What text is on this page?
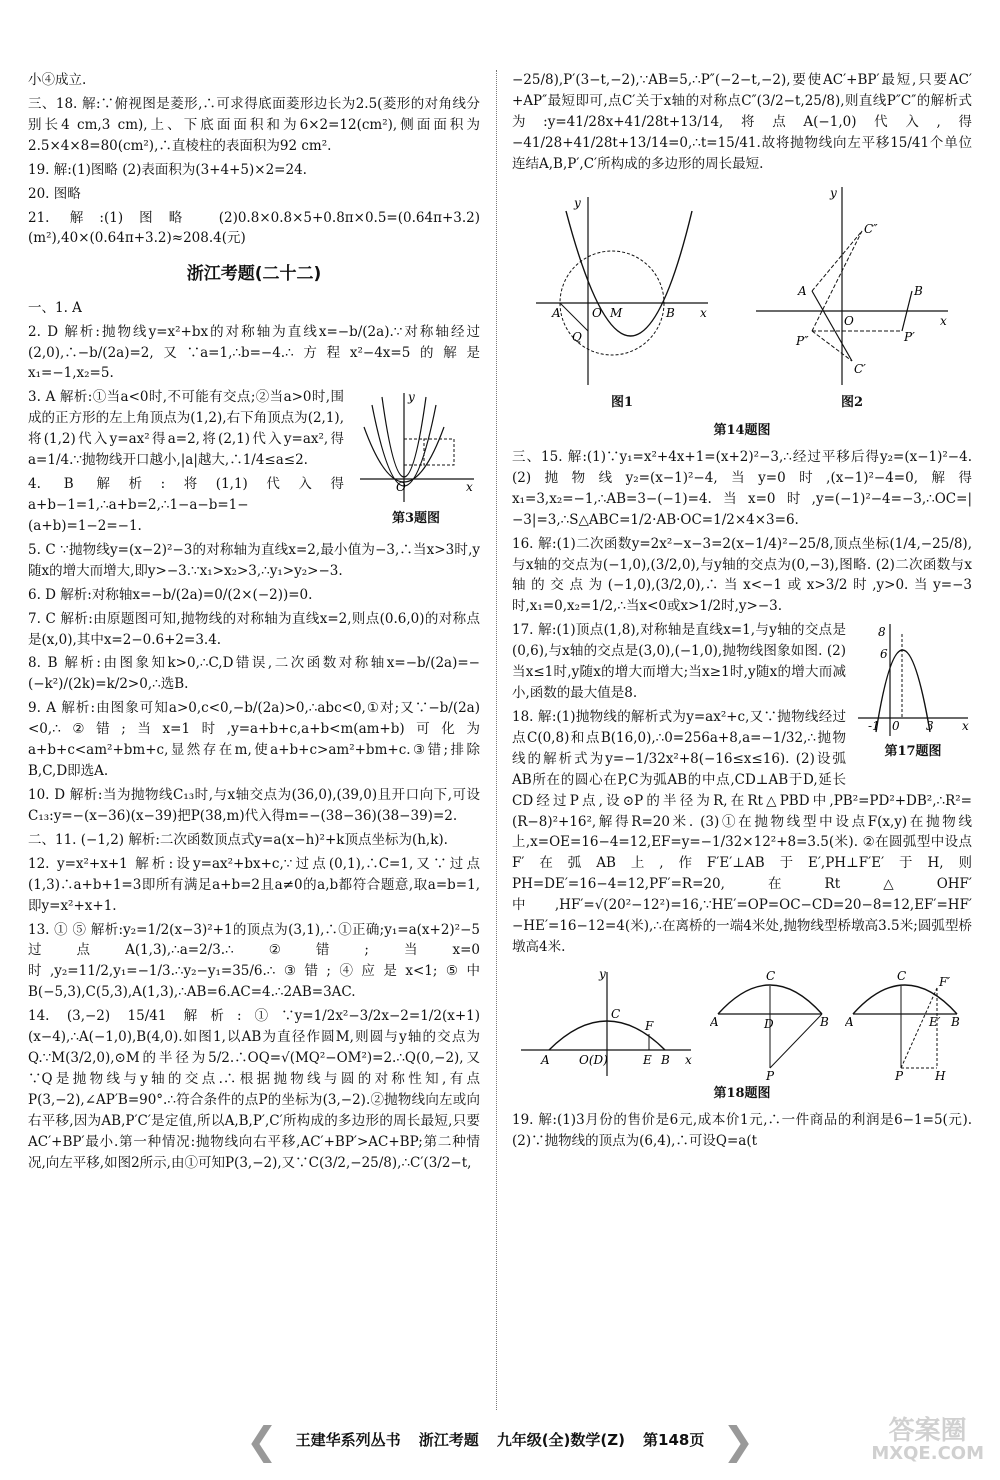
小④成立.

三、18. 解:∵俯视图是菱形,∴可求得底面菱形边长为2.5(菱形的对角线分别长4 cm,3 cm),上、下底面面积和为6×2=12(cm²),侧面面积为2.5×4×8=80(cm²),∴直棱柱的表面积为92 cm².

19. 解:(1)图略 (2)表面积为(3+4+5)×2=24.

20. 图略

21. 解:(1)图略 (2)0.8×0.8×5+0.8π×0.5=(0.64π+3.2)(m²),40×(0.64π+3.2)≈208.4(元)

浙江考题(二十二)

一、1. A

2. D 解析:抛物线y=x²+bx的对称轴为直线x=−b/(2a).∵对称轴经过(2,0),∴−b/(2a)=2,又∵a=1,∴b=−4.∴方程x²−4x=5的解是x₁=−1,x₂=5.

O	x
y
第3题图

3. A 解析:①当a<0时,不可能有交点;②当a>0时,围成的正方形的左上角顶点为(1,2),右下角顶点为(2,1),将(1,2)代入y=ax²得a=2,将(2,1)代入y=ax²,得a=1/4.∵抛物线开口越小,|a|越大,∴1/4≤a≤2.

4. B 解析:将(1,1)代入得a+b−1=1,∴a+b=2,∴1−a−b=1−(a+b)=1−2=−1.

5. C ∵抛物线y=(x−2)²−3的对称轴为直线x=2,最小值为−3,∴当x>3时,y随x的增大而增大,即y>−3.∵x₁>x₂>3,∴y₁>y₂>−3.

6. D 解析:对称轴x=−b/(2a)=0/(2×(−2))=0.

7. C 解析:由原题图可知,抛物线的对称轴为直线x=2,则点(0.6,0)的对称点是(x,0),其中x=2−0.6+2=3.4.

8. B 解析:由图象知k>0,∴C,D错误,二次函数对称轴x=−b/(2a)=−(−k²)/(2k)=k/2>0,∴选B.

9. A 解析:由图象可知a>0,c<0,−b/(2a)>0,∴abc<0,①对;又∵−b/(2a)<0,∴②错;当x=1时,y=a+b+c,a+b<m(am+b)可化为a+b+c<am²+bm+c,显然存在m,使a+b+c>am²+bm+c.③错;排除B,C,D即选A.

10. D 解析:当为抛物线C₁₃时,与x轴交点为(36,0),(39,0)且开口向下,可设C₁₃:y=−(x−36)(x−39)把P(38,m)代入得m=−(38−36)(38−39)=2.

二、11. (−1,2) 解析:二次函数顶点式y=a(x−h)²+k顶点坐标为(h,k).

12. y=x²+x+1 解析:设y=ax²+bx+c,∵过点(0,1),∴C=1,又∵过点(1,3)∴a+b+1=3即所有满足a+b=2且a≠0的a,b都符合题意,取a=b=1,即y=x²+x+1.

13. ① ⑤ 解析:y₂=1/2(x−3)²+1的顶点为(3,1),∴①正确;y₁=a(x+2)²−5过点A(1,3),∴a=2/3.∴②错;当x=0时,y₂=11/2,y₁=−1/3.∴y₂−y₁=35/6.∴③错;④应是x<1;⑤中B(−5,3),C(5,3),A(1,3),∴AB=6.AC=4.∴2AB=3AC.

14. (3,−2) 15/41 解析:①∵y=1/2x²−3/2x−2=1/2(x+1)(x−4),∴A(−1,0),B(4,0).如图1,以AB为直径作圆M,则圆与y轴的交点为Q.∵M(3/2,0),⊙M的半径为5/2.∴OQ=√(MQ²−OM²)=2.∴Q(0,−2),又∵Q是抛物线与y轴的交点.∴根据抛物线与圆的对称性知,有点P(3,−2),∠AP′B=90°.∴符合条件的点P的坐标为(3,−2).②抛物线向左或向右平移,因为AB,P′C′是定值,所以A,B,P′,C′所构成的多边形的周长最短,只要AC′+BP′最小.第一种情况:抛物线向右平移,AC′+BP′>AC+BP;第二种情况,向左平移,如图2所示,由①可知P(3,−2),又∵C(3/2,−25/8),∴C′(3/2−t,

−25/8),P′(3−t,−2),∵AB=5,∴P″(−2−t,−2),要使AC′+BP′最短,只要AC′+AP″最短即可,点C′关于x轴的对称点C″(3/2−t,25/8),则直线P″C″的解析式为:y=41/28x+41/28t+13/14,将点A(−1,0)代入,得−41/28+41/28t+13/14=0,∴t=15/41.故将抛物线向左平移15/41个单位连结A,B,P′,C′所构成的多边形的周长最短.

A	O M	B x
y
Q
图1
C″
A
O
B
x
y
P″	P′
C′
图2
第14题图

三、15. 解:(1)∵y₁=x²+4x+1=(x+2)²−3,∴经过平移后得y₂=(x−1)²−4. (2)抛物线y₂=(x−1)²−4,当y=0时,(x−1)²−4=0,解得x₁=3,x₂=−1,∴AB=3−(−1)=4.当x=0时,y=(−1)²−4=−3,∴OC=|−3|=3,∴S△ABC=1/2·AB·OC=1/2×4×3=6.

16. 解:(1)二次函数y=2x²−x−3=2(x−1/4)²−25/8,顶点坐标(1/4,−25/8),与x轴的交点为(−1,0),(3/2,0),与y轴的交点为(0,−3),图略. (2)二次函数与x轴的交点为(−1,0),(3/2,0),∴当x<−1或x>3/2时,y>0.当y=−3时,x₁=0,x₂=1/2,∴当x<0或x>1/2时,y>−3.

8
6
-1 0 3 x
第17题图

17. 解:(1)顶点(1,8),对称轴是直线x=1,与y轴的交点是(0,6),与x轴的交点是(3,0),(−1,0),抛物线图象如图. (2)当x≤1时,y随x的增大而增大;当x≥1时,y随x的增大而减小,函数的最大值是8.

18. 解:(1)抛物线的解析式为y=ax²+c,又∵抛物线经过点C(0,8)和点B(16,0),∴0=256a+8,a=−1/32,∴抛物线的解析式为y=−1/32x²+8(−16≤x≤16). (2)设弧AB所在的圆心在P,C为弧AB的中点,CD⊥AB于D,延长CD经过P点,设⊙P的半径为R,在Rt△PBD中,PB²=PD²+DB²,∴R²=(R−8)²+16²,解得R=20米. (3)①在抛物线型中设点F(x,y)在抛物线上,x=OE=16−4=12,EF=y=−1/32×12²+8=3.5(米). ②在圆弧型中设点F′在弧AB上,作F′E′⊥AB于E′,PH⊥F′E′于H,则PH=DE′=16−4=12,PF′=R=20,在Rt△OHF′中,HF′=√(20²−12²)=16,∵HE′=OP=OC−CD=20−8=12,EF′=HF′−HE′=16−12=4(米),∴在离桥的一端4米处,抛物线型桥墩高3.5米;圆弧型桥墩高4米.

A O(D)	E B x
y
C
F	A
C
D	B
P
A
C	F′
E′ B
P	H
第18题图

19. 解:(1)3月份的售价是6元,成本价1元,∴一件商品的利润是6−1=5(元). (2)∵抛物线的顶点为(6,4),∴可设Q=a(t

❮ 王建华系列丛书 浙江考题 九年级(全)数学(Z) 第148页 ❯	答案圈
MXQE.COM
